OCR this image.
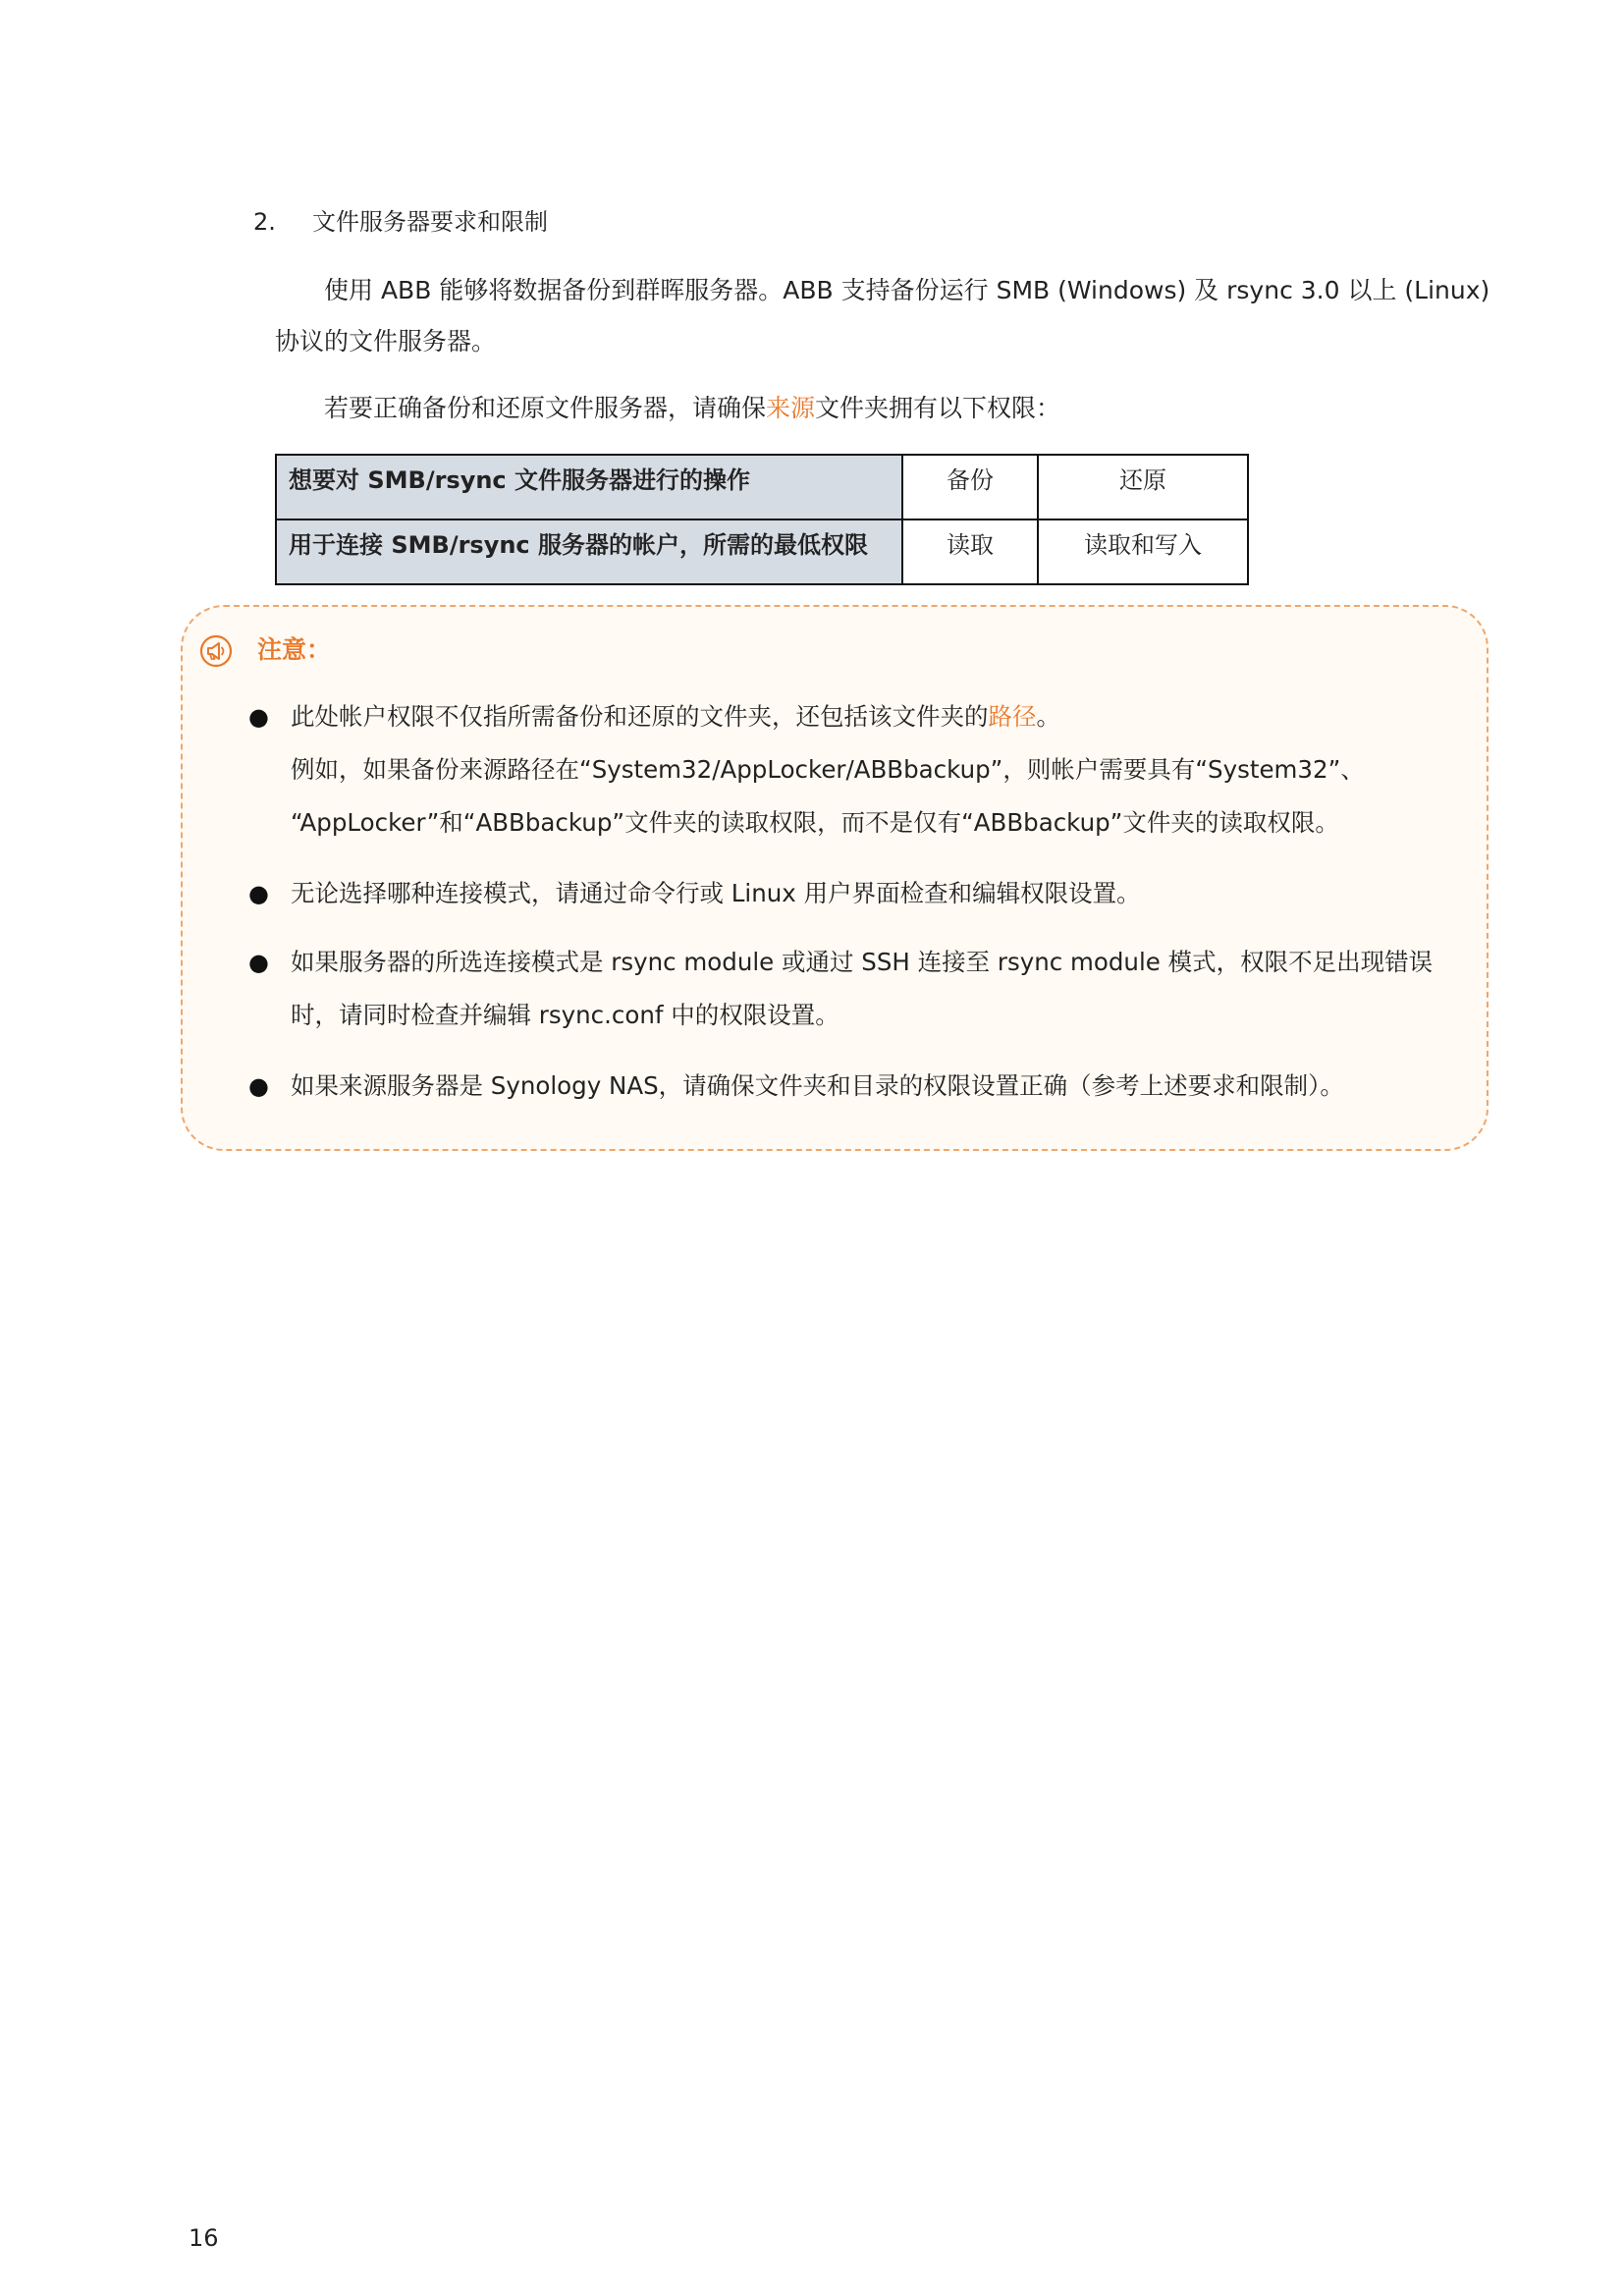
2. 文件服务器要求和限制
使用 ABB 能够将数据备份到群晖服务器。ABB 支持备份运行 SMB (Windows) 及 rsync 3.0 以上 (Linux)
协议的文件服务器。
若要正确备份和还原文件服务器，请确保来源文件夹拥有以下权限：
想要对 SMB/rsync 文件服务器进行的操作	备份	还原
用于连接 SMB/rsync 服务器的帐户，所需的最低权限	读取	读取和写入
注意：
● 此处帐户权限不仅指所需备份和还原的文件夹，还包括该文件夹的路径。
例如，如果备份来源路径在“System32/AppLocker/ABBbackup”，则帐户需要具有“System32”、
“AppLocker”和“ABBbackup”文件夹的读取权限，而不是仅有“ABBbackup”文件夹的读取权限。
● 无论选择哪种连接模式，请通过命令行或 Linux 用户界面检查和编辑权限设置。
● 如果服务器的所选连接模式是 rsync module 或通过 SSH 连接至 rsync module 模式，权限不足出现错误
时，请同时检查并编辑 rsync.conf 中的权限设置。
● 如果来源服务器是 Synology NAS，请确保文件夹和目录的权限设置正确（参考上述要求和限制）。
16
